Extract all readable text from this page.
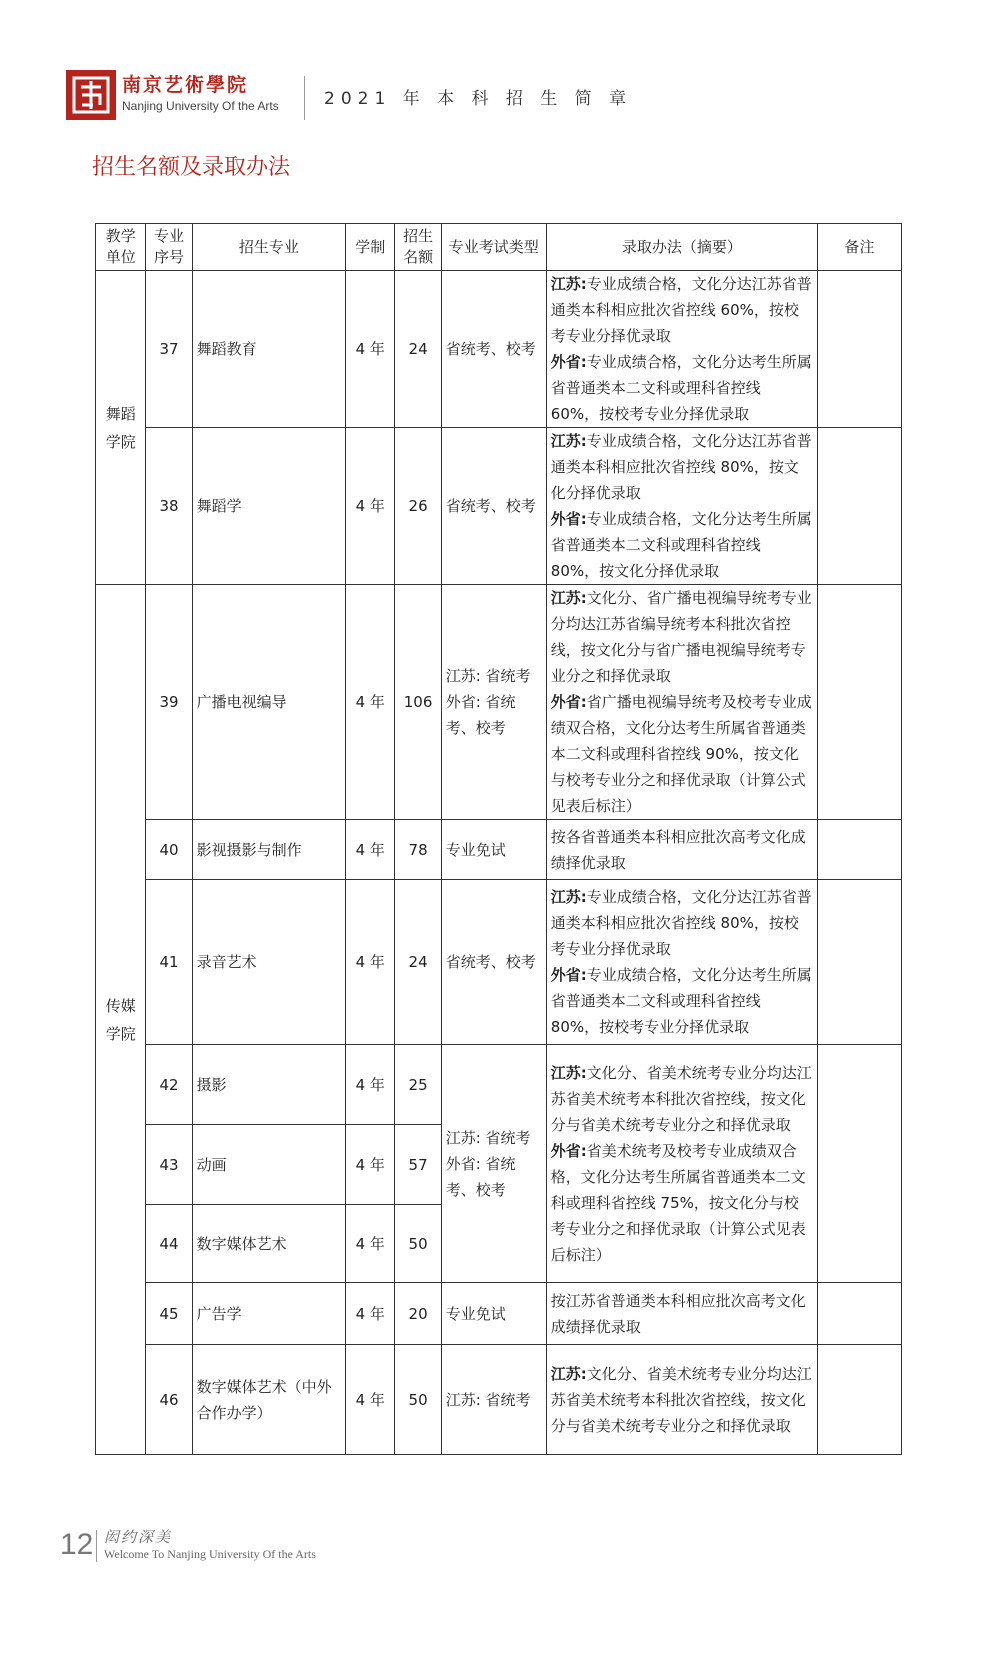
南京艺術學院
Nanjing University Of the Arts	2021 年 本 科 招 生 简 章
招生名额及录取办法
教学单位	专业序号	招生专业	学制	招生名额	专业考试类型	录取办法（摘要）	备注
舞蹈学院	37	舞蹈教育	4 年	24	省统考、校考	江苏:专业成绩合格，文化分达江苏省普通类本科相应批次省控线 60%，按校考专业分择优录取
外省:专业成绩合格，文化分达考生所属省普通类本二文科或理科省控线 60%，按校考专业分择优录取	

	38	舞蹈学	4 年	26	省统考、校考	江苏:专业成绩合格，文化分达江苏省普通类本科相应批次省控线 80%，按文化分择优录取
外省:专业成绩合格，文化分达考生所属省普通类本二文科或理科省控线 80%，按文化分择优录取	

传媒学院	39	广播电视编导	4 年	106	江苏: 省统考 外省: 省统考、校考	江苏:文化分、省广播电视编导统考专业分均达江苏省编导统考本科批次省控线，按文化分与省广播电视编导统考专业分之和择优录取
外省:省广播电视编导统考及校考专业成绩双合格，文化分达考生所属省普通类本二文科或理科省控线 90%，按文化与校考专业分之和择优录取（计算公式见表后标注）	

	40	影视摄影与制作	4 年	78	专业免试	按各省普通类本科相应批次高考文化成绩择优录取	

	41	录音艺术	4 年	24	省统考、校考	江苏:专业成绩合格，文化分达江苏省普通类本科相应批次省控线 80%，按校考专业分择优录取
外省:专业成绩合格，文化分达考生所属省普通类本二文科或理科省控线 80%，按校考专业分择优录取	

	42	摄影	4 年	25	江苏: 省统考 外省: 省统考、校考	江苏:文化分、省美术统考专业分均达江苏省美术统考本科批次省控线，按文化分与省美术统考专业分之和择优录取
外省:省美术统考及校考专业成绩双合格，文化分达考生所属省普通类本二文科或理科省控线 75%，按文化分与校考专业分之和择优录取（计算公式见表后标注）	

	43	动画	4 年	57			
	44	数字媒体艺术	4 年	50			
	45	广告学	4 年	20	专业免试	按江苏省普通类本科相应批次高考文化成绩择优录取	

	46	数字媒体艺术（中外合作办学）	4 年	50	江苏: 省统考	江苏:文化分、省美术统考专业分均达江苏省美术统考本科批次省控线，按文化分与省美术统考专业分之和择优录取	

12 闳约深美
Welcome To Nanjing University Of the Arts
